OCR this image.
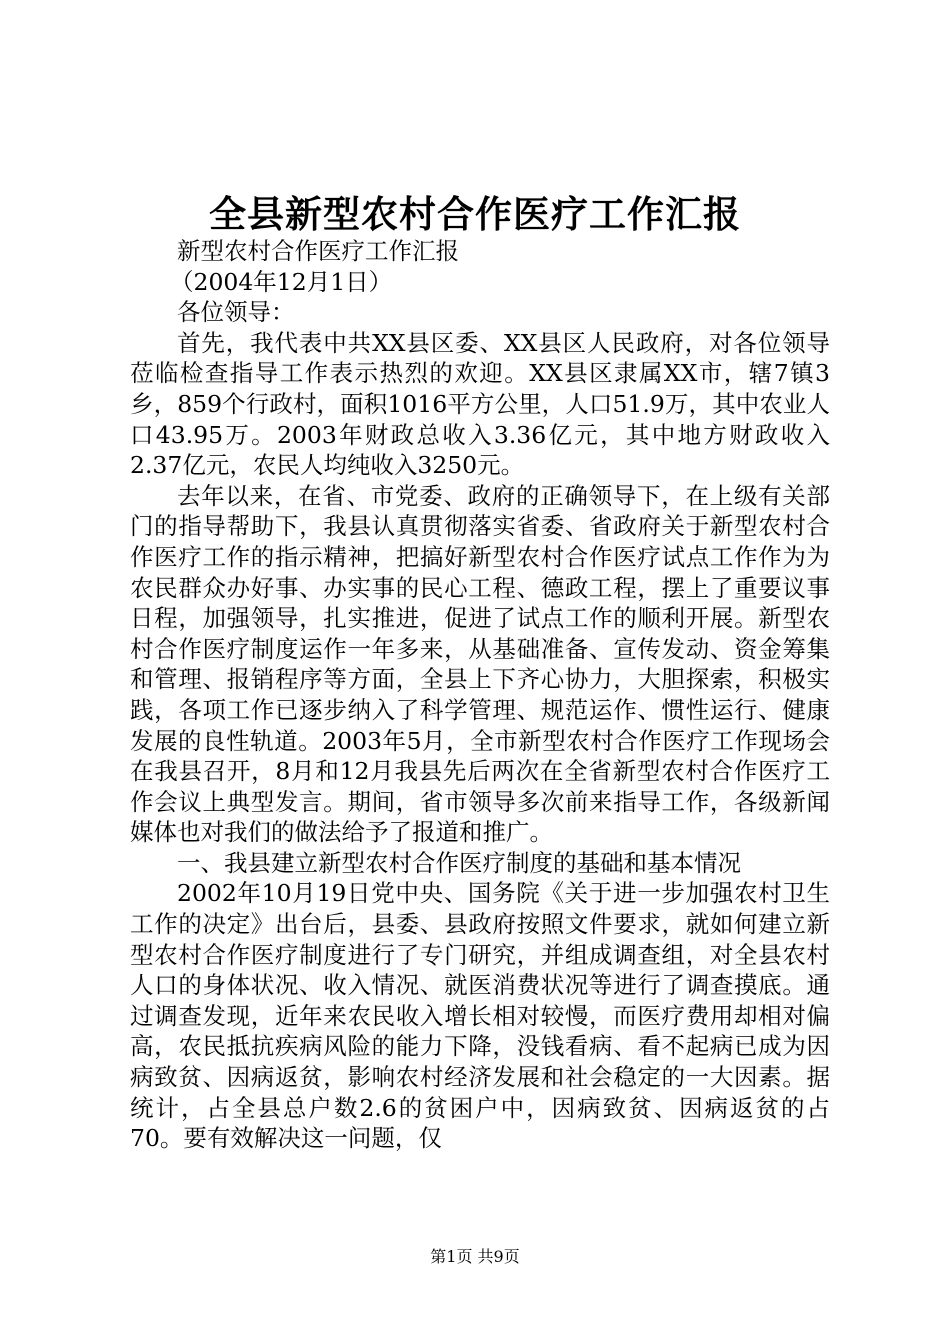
全县新型农村合作医疗工作汇报

新型农村合作医疗工作汇报

（2004年12月1日）

各位领导：

首先，我代表中共XX县区委、XX县区人民政府，对各位领导莅临检查指导工作表示热烈的欢迎。XX县区隶属XX市，辖7镇3乡，859个行政村，面积1016平方公里，人口51.9万，其中农业人口43.95万。2003年财政总收入3.36亿元，其中地方财政收入2.37亿元，农民人均纯收入3250元。

去年以来，在省、市党委、政府的正确领导下，在上级有关部门的指导帮助下，我县认真贯彻落实省委、省政府关于新型农村合作医疗工作的指示精神，把搞好新型农村合作医疗试点工作作为为农民群众办好事、办实事的民心工程、德政工程，摆上了重要议事日程，加强领导，扎实推进，促进了试点工作的顺利开展。新型农村合作医疗制度运作一年多来，从基础准备、宣传发动、资金筹集和管理、报销程序等方面，全县上下齐心协力，大胆探索，积极实践，各项工作已逐步纳入了科学管理、规范运作、惯性运行、健康发展的良性轨道。2003年5月，全市新型农村合作医疗工作现场会在我县召开，8月和12月我县先后两次在全省新型农村合作医疗工作会议上典型发言。期间，省市领导多次前来指导工作，各级新闻媒体也对我们的做法给予了报道和推广。

一、我县建立新型农村合作医疗制度的基础和基本情况

2002年10月19日党中央、国务院《关于进一步加强农村卫生工作的决定》出台后，县委、县政府按照文件要求，就如何建立新型农村合作医疗制度进行了专门研究，并组成调查组，对全县农村人口的身体状况、收入情况、就医消费状况等进行了调查摸底。通过调查发现，近年来农民收入增长相对较慢，而医疗费用却相对偏高，农民抵抗疾病风险的能力下降，没钱看病、看不起病已成为因病致贫、因病返贫，影响农村经济发展和社会稳定的一大因素。据统计，占全县总户数2.6的贫困户中，因病致贫、因病返贫的占70。要有效解决这一问题，仅

第1页 共9页
